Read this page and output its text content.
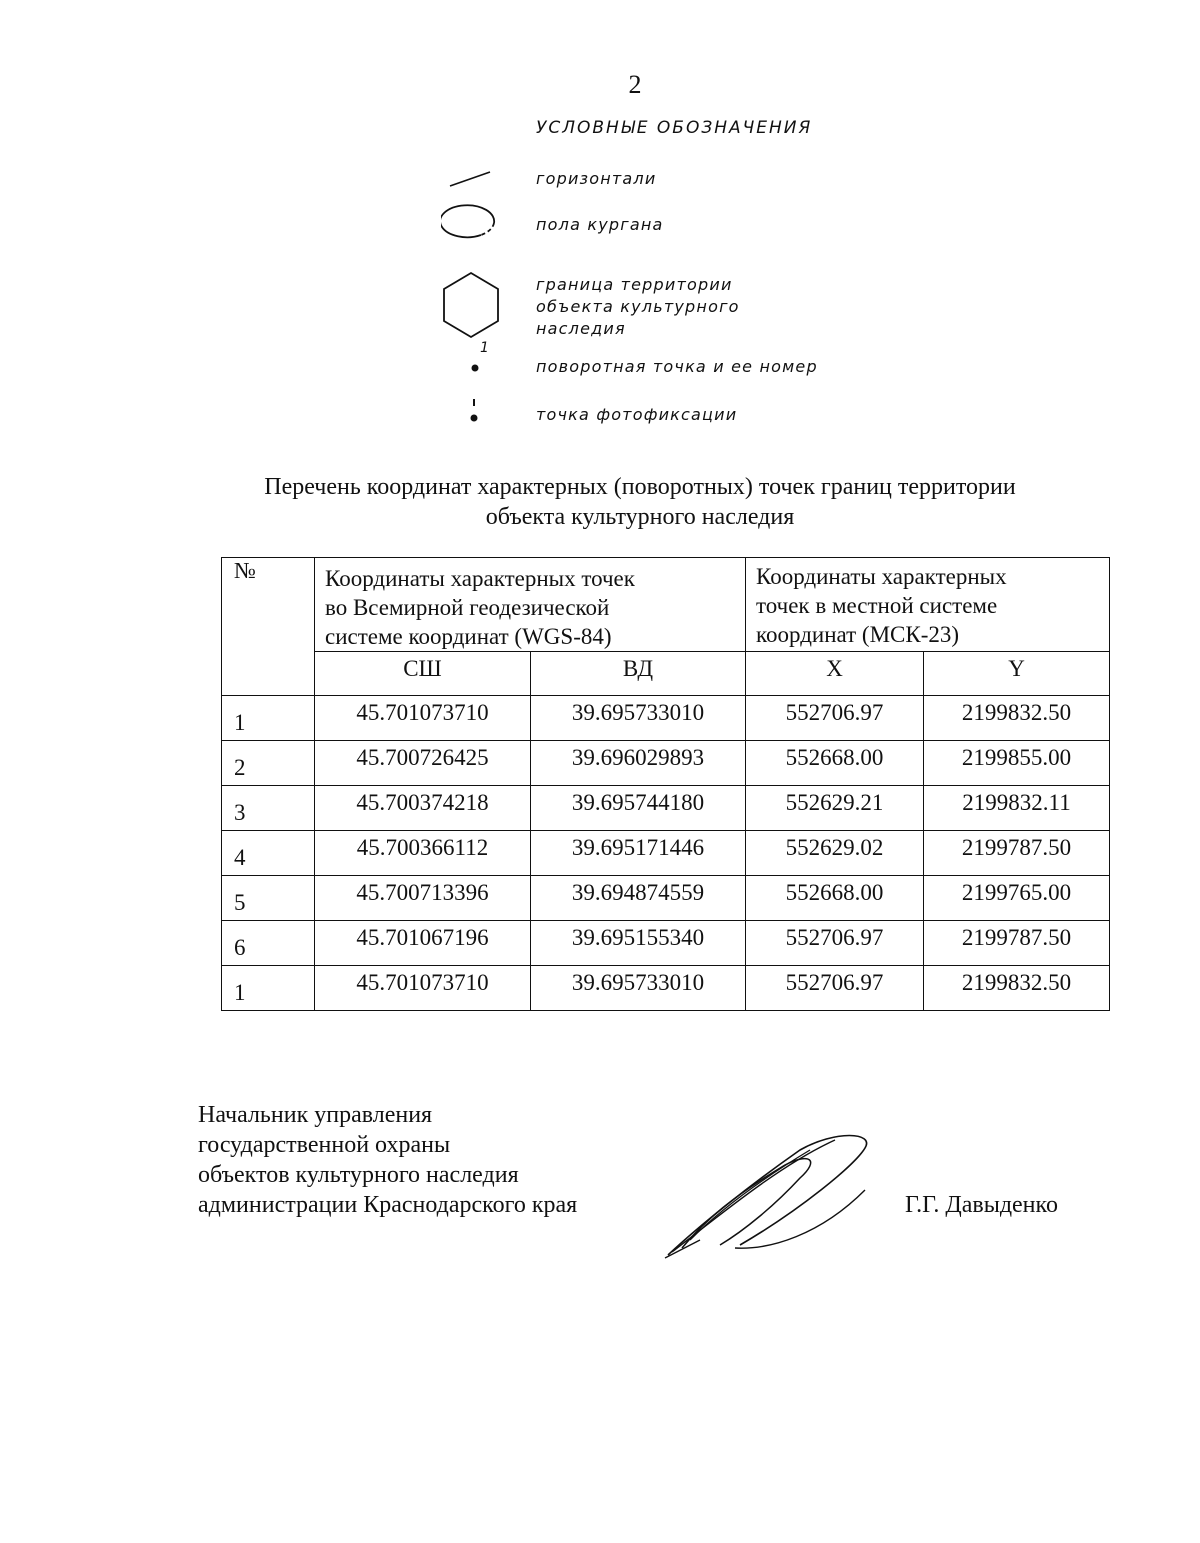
2
УСЛОВНЫЕ ОБОЗНАЧЕНИЯ
горизонтали
пола кургана
граница территории
объекта культурного
наследия
1
поворотная точка и ее номер
точка фотофиксации
Перечень координат характерных (поворотных) точек границ территории
объекта культурного наследия
№	Координаты характерных точек
во Всемирной геодезической
системе координат (WGS-84)		Координаты характерных
точек в местной системе
координат (МСК-23)	

	СШ	ВД	X	Y

1	45.701073710	39.695733010	552706.97	2199832.50

2	45.700726425	39.696029893	552668.00	2199855.00

3	45.700374218	39.695744180	552629.21	2199832.11

4	45.700366112	39.695171446	552629.02	2199787.50

5	45.700713396	39.694874559	552668.00	2199765.00

6	45.701067196	39.695155340	552706.97	2199787.50

1	45.701073710	39.695733010	552706.97	2199832.50
Начальник управления
государственной охраны
объектов культурного наследия
администрации Краснодарского края	Г.Г. Давыденко
